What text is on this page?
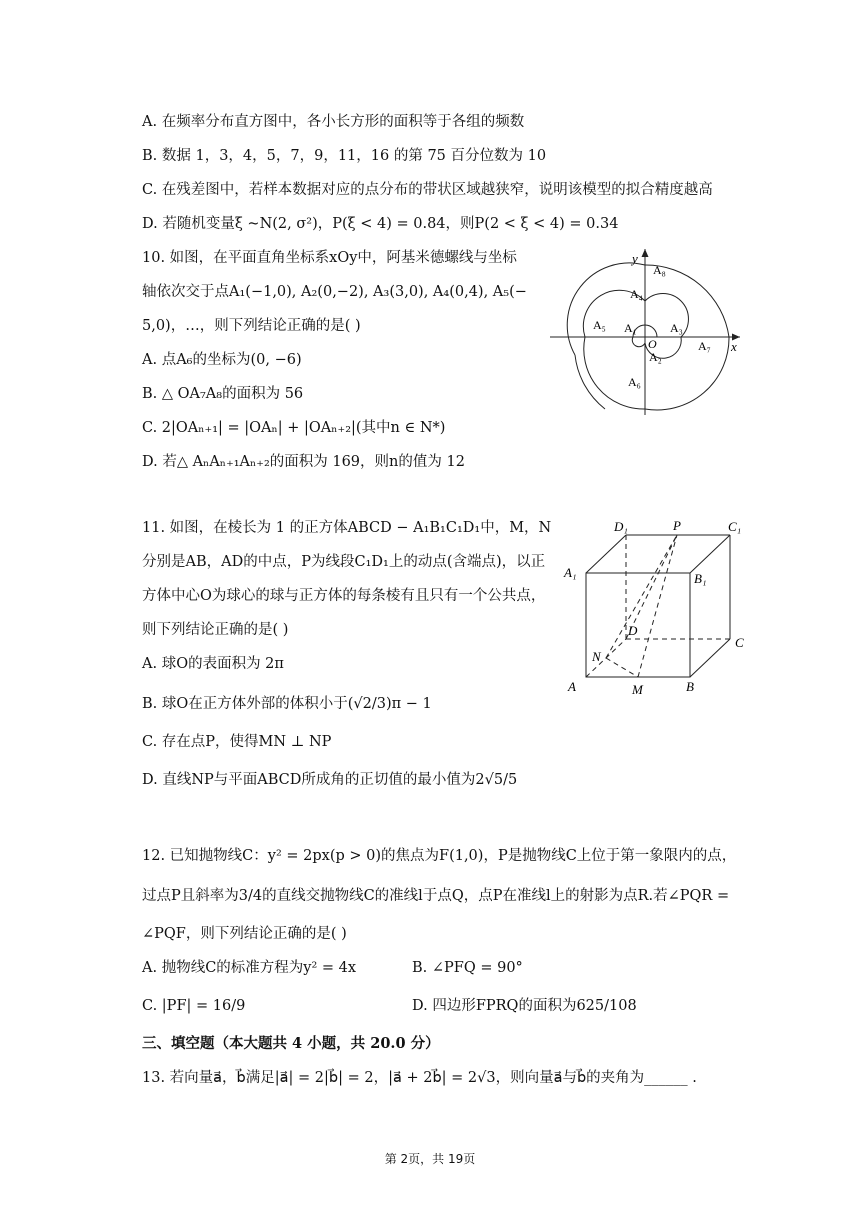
A. 在频率分布直方图中，各小长方形的面积等于各组的频数
B. 数据 1，3，4，5，7，9，11，16 的第 75 百分位数为 10
C. 在残差图中，若样本数据对应的点分布的带状区域越狭窄，说明该模型的拟合精度越高
D. 若随机变量ξ ~N(2, σ²)，P(ξ < 4) = 0.84，则P(2 < ξ < 4) = 0.34
10. 如图，在平面直角坐标系xOy中，阿基米德螺线与坐标
轴依次交于点A₁(−1,0), A₂(0,−2), A₃(3,0), A₄(0,4), A₅(−
5,0)，…，则下列结论正确的是( )
A. 点A₆的坐标为(0, −6)
B. △ OA₇A₈的面积为 56
C. 2|OAₙ₊₁| = |OAₙ| + |OAₙ₊₂|(其中n ∈ N*)
D. 若△ AₙAₙ₊₁Aₙ₊₂的面积为 169，则n的值为 12
y
x
O
A₁
A₂
A₃
A₄
A₅
A₆
A₇
A₈
11. 如图，在棱长为 1 的正方体ABCD − A₁B₁C₁D₁中，M，N
分别是AB，AD的中点，P为线段C₁D₁上的动点(含端点)，以正
方体中心O为球心的球与正方体的每条棱有且只有一个公共点，
则下列结论正确的是( )
A. 球O的表面积为 2π
B. 球O在正方体外部的体积小于(√2/3)π − 1
C. 存在点P，使得MN ⊥ NP
D. 直线NP与平面ABCD所成角的正切值的最小值为2√5/5
D₁	P	C₁
A₁	B₁
D
C
N
A	M	B
12. 已知抛物线C：y² = 2px(p > 0)的焦点为F(1,0)，P是抛物线C上位于第一象限内的点，
过点P且斜率为3/4的直线交抛物线C的准线l于点Q，点P在准线l上的射影为点R.若∠PQR =
∠PQF，则下列结论正确的是( )
A. 抛物线C的标准方程为y² = 4x	B. ∠PFQ = 90°
C. |PF| = 16/9	D. 四边形FPRQ的面积为625/108
三、填空题（本大题共 4 小题，共 20.0 分）
13. 若向量a⃗，b⃗满足|a⃗| = 2|b⃗| = 2，|a⃗ + 2b⃗| = 2√3，则向量a⃗与b⃗的夹角为______ .
第 2页，共 19页
